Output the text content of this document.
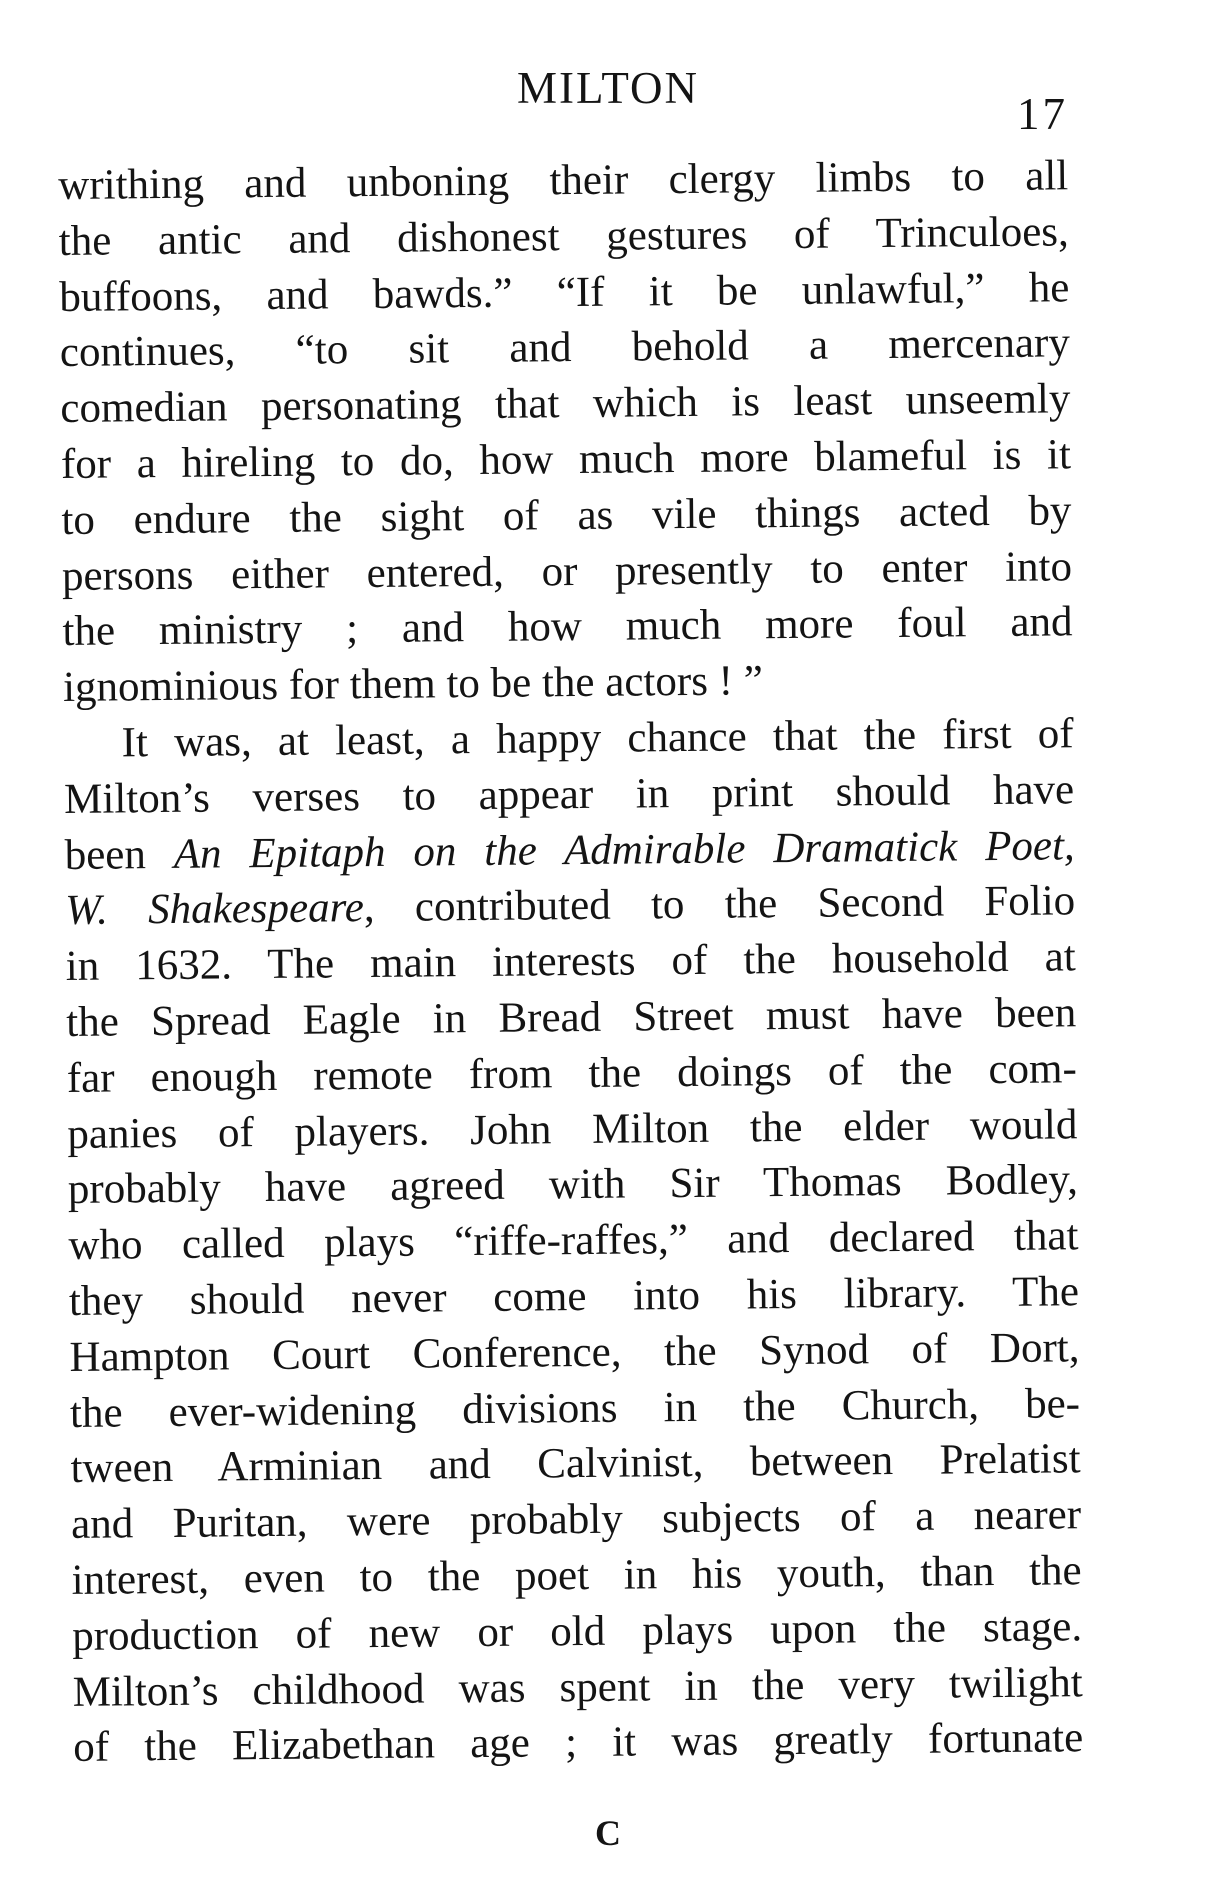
MILTON
17
writhing and unboning their clergy limbs to all
the antic and dishonest gestures of Trinculoes,
buffoons, and bawds.” “If it be unlawful,” he
continues, “to sit and behold a mercenary
comedian personating that which is least unseemly
for a hireling to do, how much more blameful is it
to endure the sight of as vile things acted by
persons either entered, or presently to enter into
the ministry ; and how much more foul and
ignominious for them to be the actors ! ”
It was, at least, a happy chance that the first of
Milton’s verses to appear in print should have
been An Epitaph on the Admirable Dramatick Poet,
W. Shakespeare, contributed to the Second Folio
in 1632. The main interests of the household at
the Spread Eagle in Bread Street must have been
far enough remote from the doings of the com-
panies of players. John Milton the elder would
probably have agreed with Sir Thomas Bodley,
who called plays “riffe-raffes,” and declared that
they should never come into his library. The
Hampton Court Conference, the Synod of Dort,
the ever-widening divisions in the Church, be-
tween Arminian and Calvinist, between Prelatist
and Puritan, were probably subjects of a nearer
interest, even to the poet in his youth, than the
production of new or old plays upon the stage.
Milton’s childhood was spent in the very twilight
of the Elizabethan age ; it was greatly fortunate
C
